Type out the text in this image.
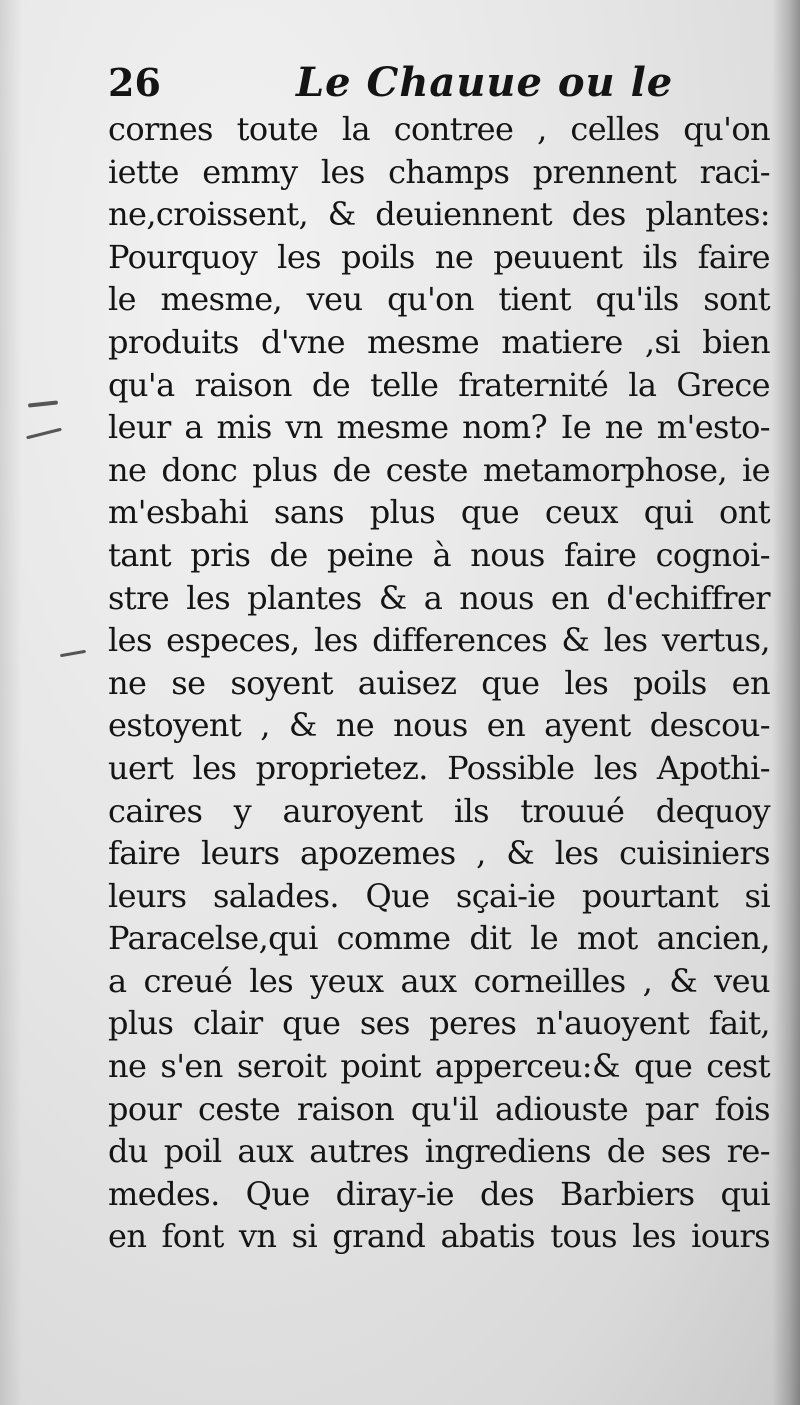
26	Le Chauue ou le
cornes toute la contree , celles qu'on
iette emmy les champs prennent raci-
ne,croissent, & deuiennent des plantes:
Pourquoy les poils ne peuuent ils faire
le mesme, veu qu'on tient qu'ils sont
produits d'vne mesme matiere ,si bien
qu'a raison de telle fraternité la Grece
leur a mis vn mesme nom? Ie ne m'esto-
ne donc plus de ceste metamorphose, ie
m'esbahi sans plus que ceux qui ont
tant pris de peine à nous faire cognoi-
stre les plantes & a nous en d'echiffrer
les especes, les differences & les vertus,
ne se soyent auisez que les poils en
estoyent , & ne nous en ayent descou-
uert les proprietez. Possible les Apothi-
caires y auroyent ils trouué dequoy
faire leurs apozemes , & les cuisiniers
leurs salades. Que sçai-ie pourtant si
Paracelse,qui comme dit le mot ancien,
a creué les yeux aux corneilles , & veu
plus clair que ses peres n'auoyent fait,
ne s'en seroit point apperceu:& que cest
pour ceste raison qu'il adiouste par fois
du poil aux autres ingrediens de ses re-
medes. Que diray-ie des Barbiers qui
en font vn si grand abatis tous les iours
